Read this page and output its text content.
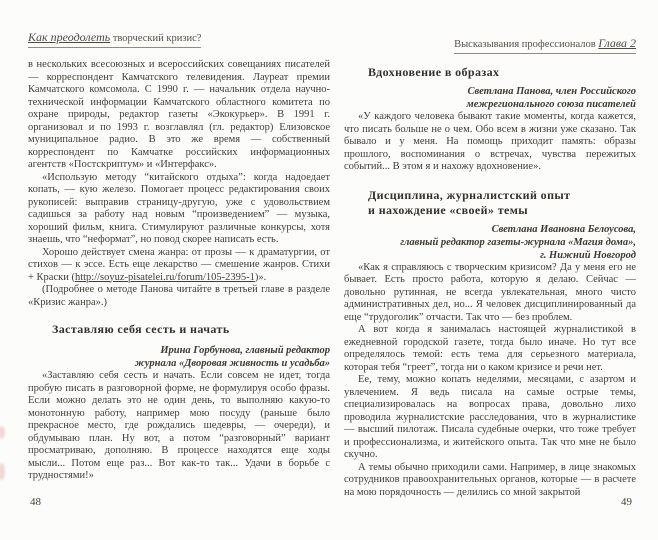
Как преодолеть творческий кризис?

в нескольких всесоюзных и всероссийских совещаниях писателей — корреспондент Камчатского телевидения. Лауреат премии Камчатского комсомола. С 1990 г. — начальник отдела научно-технической информации Камчатского областного комитета по охране природы, редактор газеты «Экокурьер». В 1991 г. организовал и по 1993 г. возглавлял (гл. редактор) Елизовское муниципальное радио. В это же время — собственный корреспондент по Камчатке российских информационных агентств «Постскриптум» и «Интерфакс».

«Использую методу “китайского отдыха”: когда надоедает копать, — кую железо. Помогает процесс редактирования своих рукописей: выправив страницу-другую, уже с удовольствием садишься за работу над новым “произведением” — музыка, хороший фильм, книга. Стимулируют различные конкурсы, хотя знаешь, что “неформат”, но повод скорее написать есть.

Хорошо действует смена жанра: от прозы — к драматургии, от стихов — к эссе. Есть еще лекарство — смешение жанров. Стихи + Краски (http://soyuz-pisatelei.ru/forum/105-2395-1)».

(Подробнее о методе Панова читайте в третьей главе в разделе «Кризис жанра».)

Заставляю себя сесть и начать
Ирина Горбунова, главный редактор
журнала «Дворовая живность и усадьба»

«Заставляю себя сесть и начать. Если совсем не идет, тогда пробую писать в разговорной форме, не формулируя особо фразы. Если можно делать это не один день, то выполняю какую-то монотонную работу, например мою посуду (раньше было прекрасное место, где рождались шедевры, — очереди), и обдумываю план. Ну вот, а потом “разговорный” вариант просматриваю, дополняю. В процессе находятся еще ходы мысли... Потом еще раз... Вот как-то так... Удачи в борьбе с трудностями!»

Высказывания профессионалов Глава 2
Вдохновение в образах
Светлана Панова, член Российского
межрегионального союза писателей

«У каждого человека бывают такие моменты, когда кажется, что писать больше не о чем. Обо всем в жизни уже сказано. Так бывало и у меня. На помощь приходит память: образы прошлого, воспоминания о встречах, чувства пережитых событий... В этом я и нахожу вдохновение».

Дисциплина, журналистский опыт
и нахождение «своей» темы
Светлана Ивановна Белоусова,
главный редактор газеты-журнала «Магия дома»,
г. Нижний Новгород

«Как я справляюсь с творческим кризисом? Да у меня его не бывает. Есть просто работа, которую я делаю. Сейчас — довольно рутинная, не всегда увлекательная, много чисто административных дел, но... Я человек дисциплинированный да еще “трудоголик” отчасти. Так что — без проблем.

А вот когда я занималась настоящей журналистикой в ежедневной городской газете, тогда было иначе. Но тут все определялось темой: есть тема для серьезного материала, которая тебя “греет”, тогда ни о каком кризисе и речи нет.

Ее, тему, можно копать неделями, месяцами, с азартом и увлечением. Я ведь писала на самые острые темы, специализировалась на вопросах права, довольно лихо проводила журналистские расследования, что в журналистике — высший пилотаж. Писала судебные очерки, что тоже требует и профессионализма, и житейского опыта. Так что мне не было скучно.

А темы обычно приходили сами. Например, в лице знакомых сотрудников правоохранительных органов, которые — в расчете на мою порядочность — делились со мной закрытой

48	49
